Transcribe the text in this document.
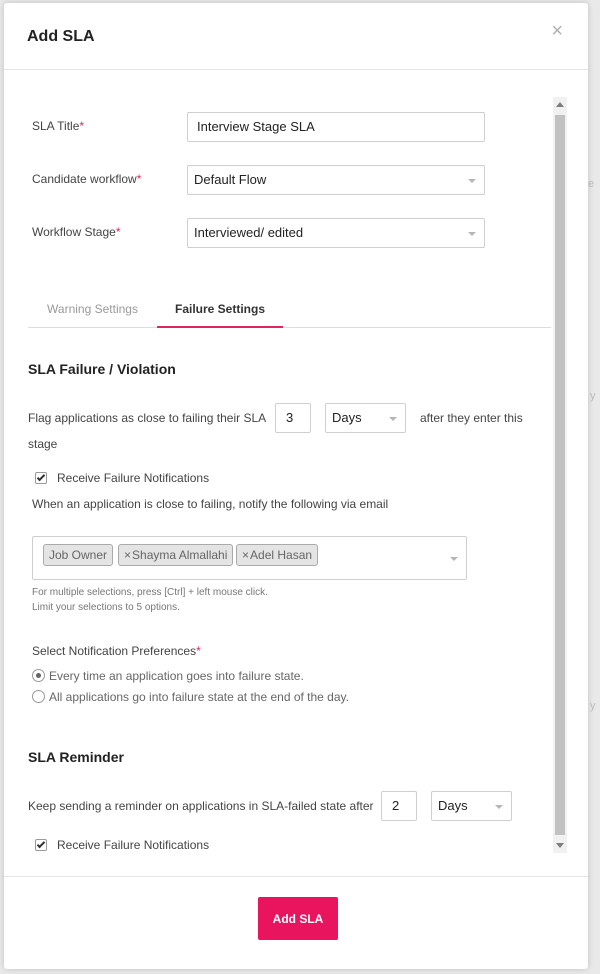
e
y
y
Add SLA	×
SLA Title*	Interview Stage SLA
Candidate workflow*	Default Flow
Workflow Stage*	Interviewed/ edited
Warning Settings	Failure Settings
SLA Failure / Violation
Flag applications as close to failing their SLA	3	Days	after they enter this
stage
Receive Failure Notifications
When an application is close to failing, notify the following via email
Job Owner	×Shayma Almallahi	×Adel Hasan
For multiple selections, press [Ctrl] + left mouse click.
Limit your selections to 5 options.
Select Notification Preferences*
Every time an application goes into failure state.
All applications go into failure state at the end of the day.
SLA Reminder
Keep sending a reminder on applications in SLA-failed state after	2	Days
Receive Failure Notifications
Add SLA
